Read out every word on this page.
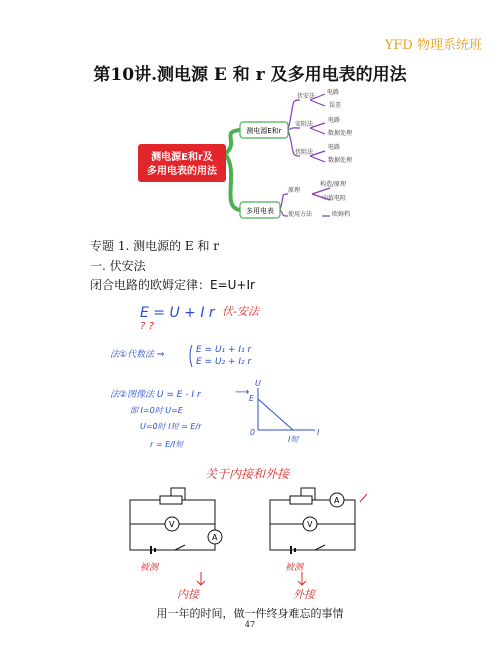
YFD 物理系统班
第10讲.测电源 E 和 r 及多用电表的用法
测电源E和r及
多用电表的用法
测电源E和r
多用电表
伏安法
电路
误差
安阻法
电路
数据处理
伏阻法
电路
数据处理
原理
构造/原理
中值电阻
使用方法	欧姆档
专题 1. 测电源的 E 和 r
一. 伏安法
闭合电路的欧姆定律：E=U+Ir
E = U + I r
? ?
伏-安法
法①代数法 ⇒	E = U₁ + I₁ r
E = U₂ + I₂ r
法②图像法 U = E - I r
即 I=0时 U=E
U=0时 I短 = E/r
r = E/I短
⟶
U
E
0	I
I短
关于内接和外接
V
A
V
A
被测
内接
被测
外接
用一年的时间，做一件终身难忘的事情
47
